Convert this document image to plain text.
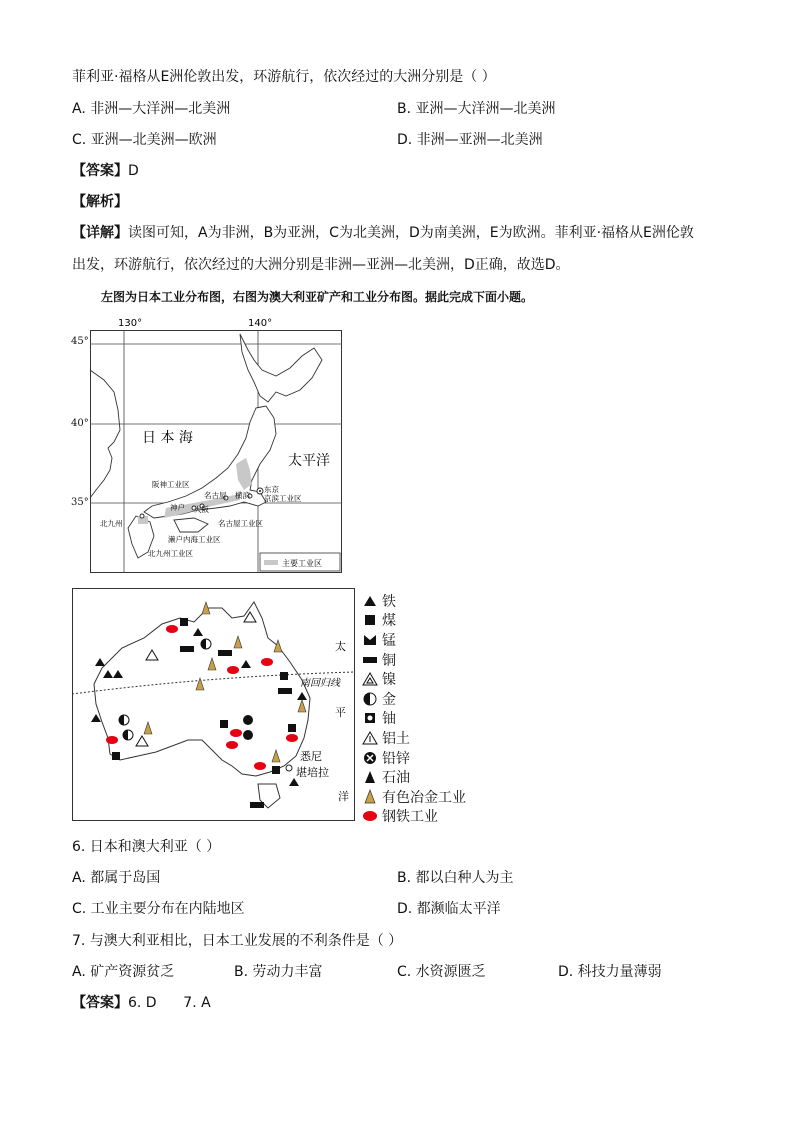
菲利亚·福格从E洲伦敦出发，环游航行，依次经过的大洲分别是（ ）
A. 非洲—大洋洲—北美洲	B. 亚洲—大洋洲—北美洲
C. 亚洲—北美洲—欧洲	D. 非洲—亚洲—北美洲
【答案】D
【解析】
【详解】读图可知，A为非洲，B为亚洲，C为北美洲，D为南美洲，E为欧洲。菲利亚·福格从E洲伦敦
出发，环游航行，依次经过的大洲分别是非洲—亚洲—北美洲，D正确，故选D。
左图为日本工业分布图，右图为澳大利亚矿产和工业分布图。据此完成下面小题。
130°	140°
日 本 海
太平洋
阪神工业区
名古屋 横滨
东京
京滨工业区
神户 大阪
名古屋工业区
北九州
濑户内海工业区
北九州工业区
主要工业区
45°
40°
35°
南回归线
太
平
洋
悉尼
堪培拉
铁
煤
锰
铜
镍
金
铀
铝土
铅锌
石油
有色冶金工业
钢铁工业
6. 日本和澳大利亚（ ）
A. 都属于岛国	B. 都以白种人为主
C. 工业主要分布在内陆地区	D. 都濒临太平洋
7. 与澳大利亚相比，日本工业发展的不利条件是（ ）
A. 矿产资源贫乏	B. 劳动力丰富	C. 水资源匮乏	D. 科技力量薄弱
【答案】6. D      7. A
